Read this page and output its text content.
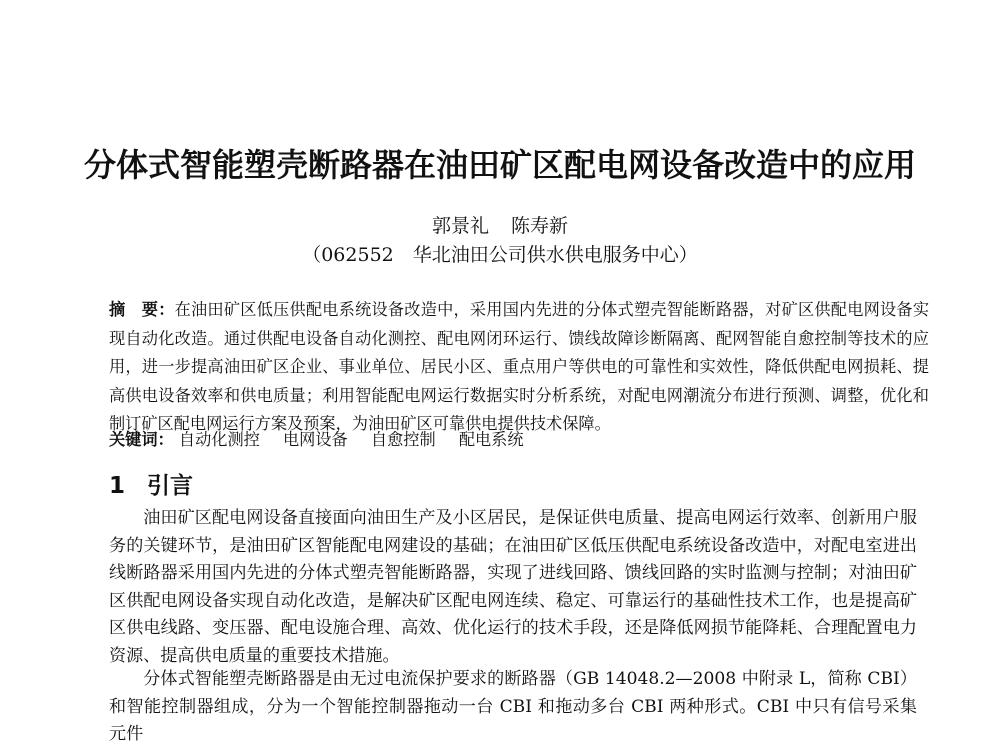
分体式智能塑壳断路器在油田矿区配电网设备改造中的应用
郭景礼 陈寿新
（062552　华北油田公司供水供电服务中心）
摘　要：在油田矿区低压供配电系统设备改造中，采用国内先进的分体式塑壳智能断路器，对矿区供配电网设备实现自动化改造。通过供配电设备自动化测控、配电网闭环运行、馈线故障诊断隔离、配网智能自愈控制等技术的应用，进一步提高油田矿区企业、事业单位、居民小区、重点用户等供电的可靠性和实效性，降低供配电网损耗、提高供电设备效率和供电质量；利用智能配电网运行数据实时分析系统，对配电网潮流分布进行预测、调整，优化和制订矿区配电网运行方案及预案，为油田矿区可靠供电提供技术保障。
关键词： 自动化测控 电网设备 自愈控制 配电系统
1 引言
油田矿区配电网设备直接面向油田生产及小区居民，是保证供电质量、提高电网运行效率、创新用户服务的关键环节，是油田矿区智能配电网建设的基础；在油田矿区低压供配电系统设备改造中，对配电室进出线断路器采用国内先进的分体式塑壳智能断路器，实现了进线回路、馈线回路的实时监测与控制；对油田矿区供配电网设备实现自动化改造，是解决矿区配电网连续、稳定、可靠运行的基础性技术工作，也是提高矿区供电线路、变压器、配电设施合理、高效、优化运行的技术手段，还是降低网损节能降耗、合理配置电力资源、提高供电质量的重要技术措施。
分体式智能塑壳断路器是由无过电流保护要求的断路器（GB 14048.2—2008 中附录 L，简称 CBI）和智能控制器组成，分为一个智能控制器拖动一台 CBI 和拖动多台 CBI 两种形式。CBI 中只有信号采集元件
